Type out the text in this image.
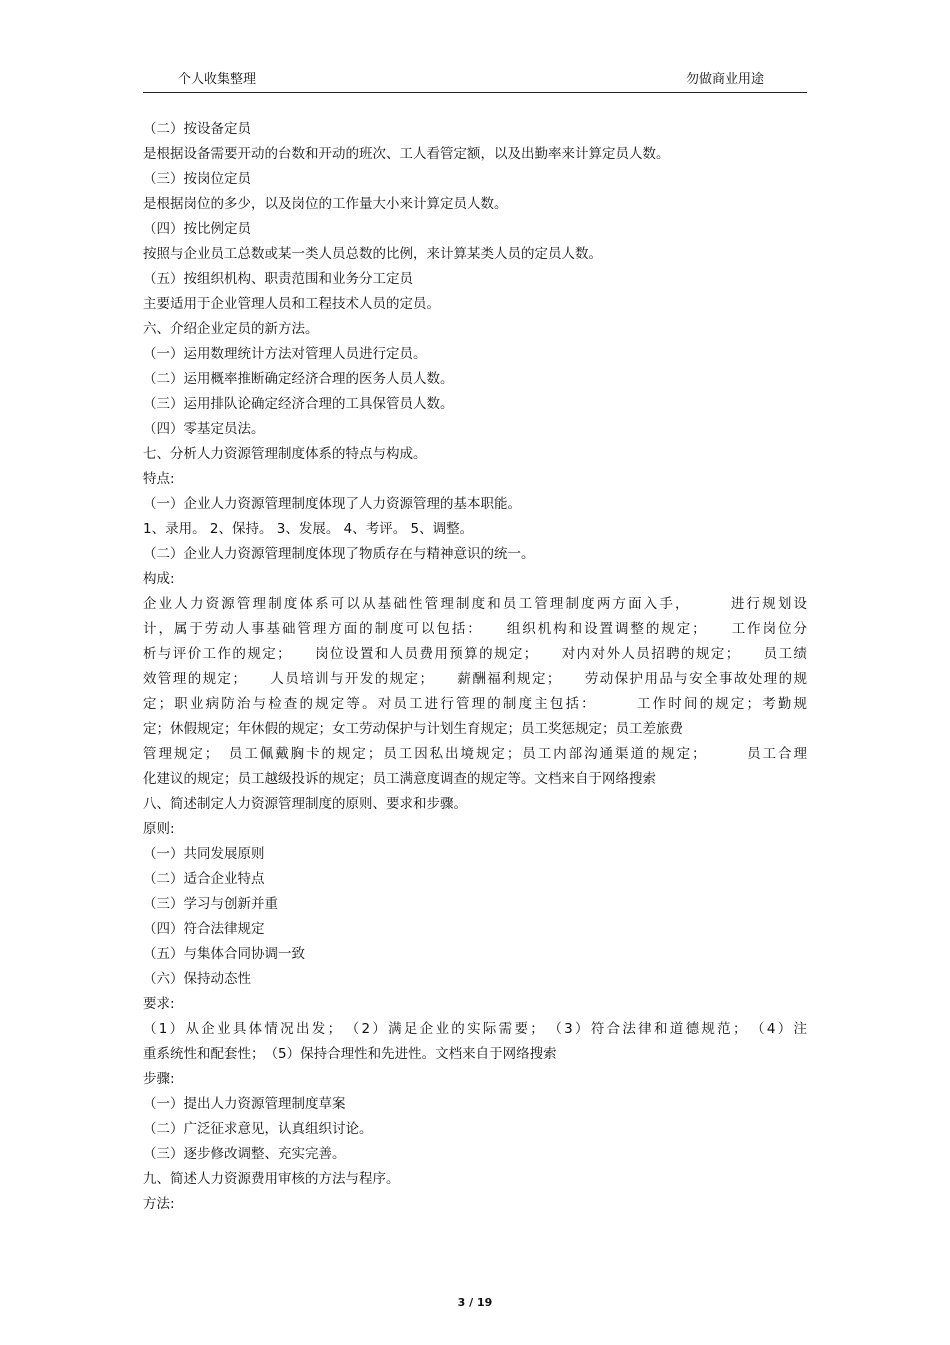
个人收集整理	勿做商业用途
（二）按设备定员
是根据设备需要开动的台数和开动的班次、工人看管定额，以及出勤率来计算定员人数。
（三）按岗位定员
是根据岗位的多少，以及岗位的工作量大小来计算定员人数。
（四）按比例定员
按照与企业员工总数或某一类人员总数的比例，来计算某类人员的定员人数。
（五）按组织机构、职责范围和业务分工定员
主要适用于企业管理人员和工程技术人员的定员。
六、介绍企业定员的新方法。
（一）运用数理统计方法对管理人员进行定员。
（二）运用概率推断确定经济合理的医务人员人数。
（三）运用排队论确定经济合理的工具保管员人数。
（四）零基定员法。
七、分析人力资源管理制度体系的特点与构成。
特点:
（一）企业人力资源管理制度体现了人力资源管理的基本职能。
1、录用。 2、保持。 3、发展。 4、考评。 5、调整。
（二）企业人力资源管理制度体现了物质存在与精神意识的统一。
构成:
企业人力资源管理制度体系可以从基础性管理制度和员工管理制度两方面入手，　　　进行规划设
计，属于劳动人事基础管理方面的制度可以包括：　　组织机构和设置调整的规定；　　工作岗位分
析与评价工作的规定；　　岗位设置和人员费用预算的规定；　　对内对外人员招聘的规定；　　员工绩
效管理的规定；　　人员培训与开发的规定；　　薪酬福利规定；　　劳动保护用品与安全事故处理的规
定；职业病防治与检查的规定等。对员工进行管理的制度主包括：　　　工作时间的规定；考勤规
定；休假规定；年休假的规定；女工劳动保护与计划生育规定；员工奖惩规定；员工差旅费
管理规定；　员工佩戴胸卡的规定；员工因私出境规定；员工内部沟通渠道的规定；　　　员工合理
化建议的规定；员工越级投诉的规定；员工满意度调查的规定等。文档来自于网络搜索
八、简述制定人力资源管理制度的原则、要求和步骤。
原则:
（一）共同发展原则
（二）适合企业特点
（三）学习与创新并重
（四）符合法律规定
（五）与集体合同协调一致
（六）保持动态性
要求:
（1）从企业具体情况出发；　（2）满足企业的实际需要；　（3）符合法律和道德规范；　（4）注
重系统性和配套性；　（5）保持合理性和先进性。文档来自于网络搜索
步骤:
（一）提出人力资源管理制度草案
（二）广泛征求意见，认真组织讨论。
（三）逐步修改调整、充实完善。
九、简述人力资源费用审核的方法与程序。
方法:
3 / 19
